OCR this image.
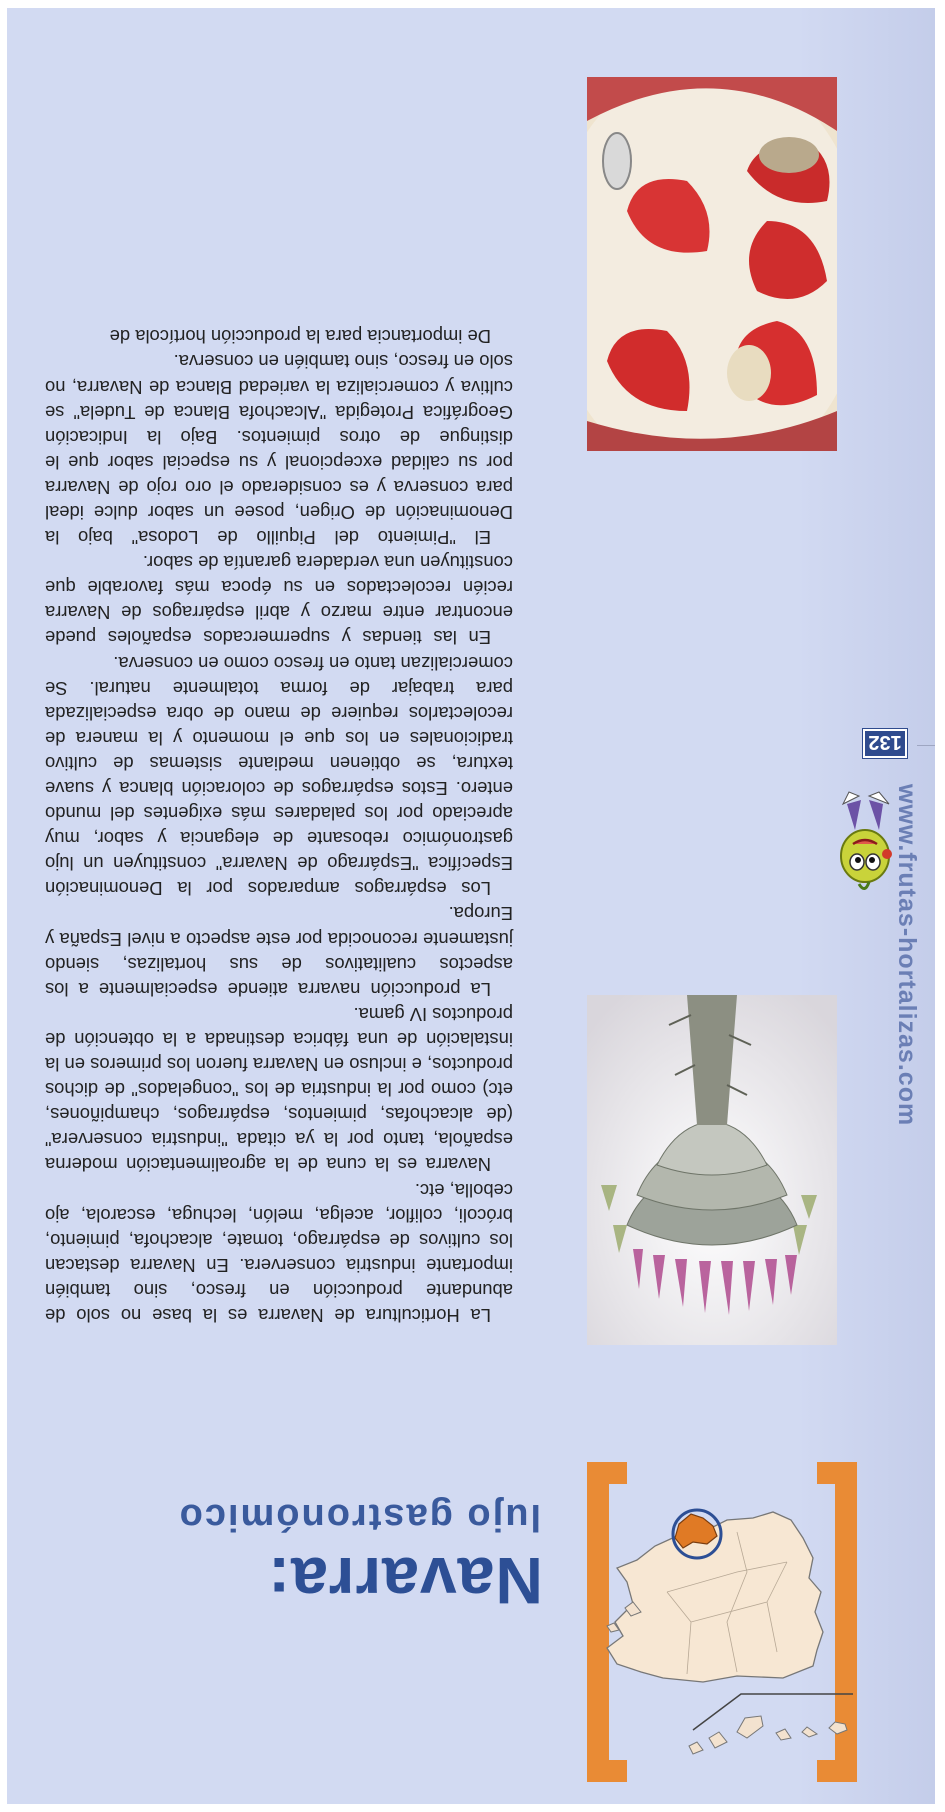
www.frutas-hortalizas.com
132
Navarra:
lujo gastronómico

La Horticultura de Navarra es la base no solo de abundante producción en fresco, sino también importante industria conservera. En Navarra destacan los cultivos de espárrago, tomate, alcachofa, pimiento, brócoli, coliflor, acelga, melón, lechuga, escarola, ajo cebolla, etc.

Navarra es la cuna de la agroalimentación moderna española, tanto por la ya citada "industria conservera" (de alcachofas, pimientos, espárragos, champiñones, etc) como por la industria de los "congelados" de dichos productos, e incluso en Navarra fueron los primeros en la instalación de una fábrica destinada a la obtención de productos IV gama.

La producción navarra atiende especialmente a los aspectos cualitativos de sus hortalizas, siendo justamente reconocida por este aspecto a nivel España y Europa.

Los espárragos amparados por la Denominación Específica "Espárrago de Navarra" constituyen un lujo gastronómico rebosante de elegancia y sabor, muy apreciado por los paladares más exigentes del mundo entero. Estos espárragos de coloración blanca y suave textura, se obtienen mediante sistemas de cultivo tradicionales en los que el momento y la manera de recolectarlos requiere de mano de obra especializada para trabajar de forma totalmente natural. Se comercializan tanto en fresco como en conserva.

En las tiendas y supermercados españoles puede encontrar entre marzo y abril espárragos de Navarra recién recolectados en su época más favorable que constituyen una verdadera garantía de sabor.

El "Pimiento del Piquillo de Lodosa" bajo la Denominación de Origen, posee un sabor dulce ideal para conserva y es considerado el oro rojo de Navarra por su calidad excepcional y su especial sabor que le distingue de otros pimientos. Bajo la Indicación Geográfica Protegida "Alcachofa Blanca de Tudela" se cultiva y comercializa la variedad Blanca de Navarra, no solo en fresco, sino también en conserva.

De importancia para la producción hortícola de
